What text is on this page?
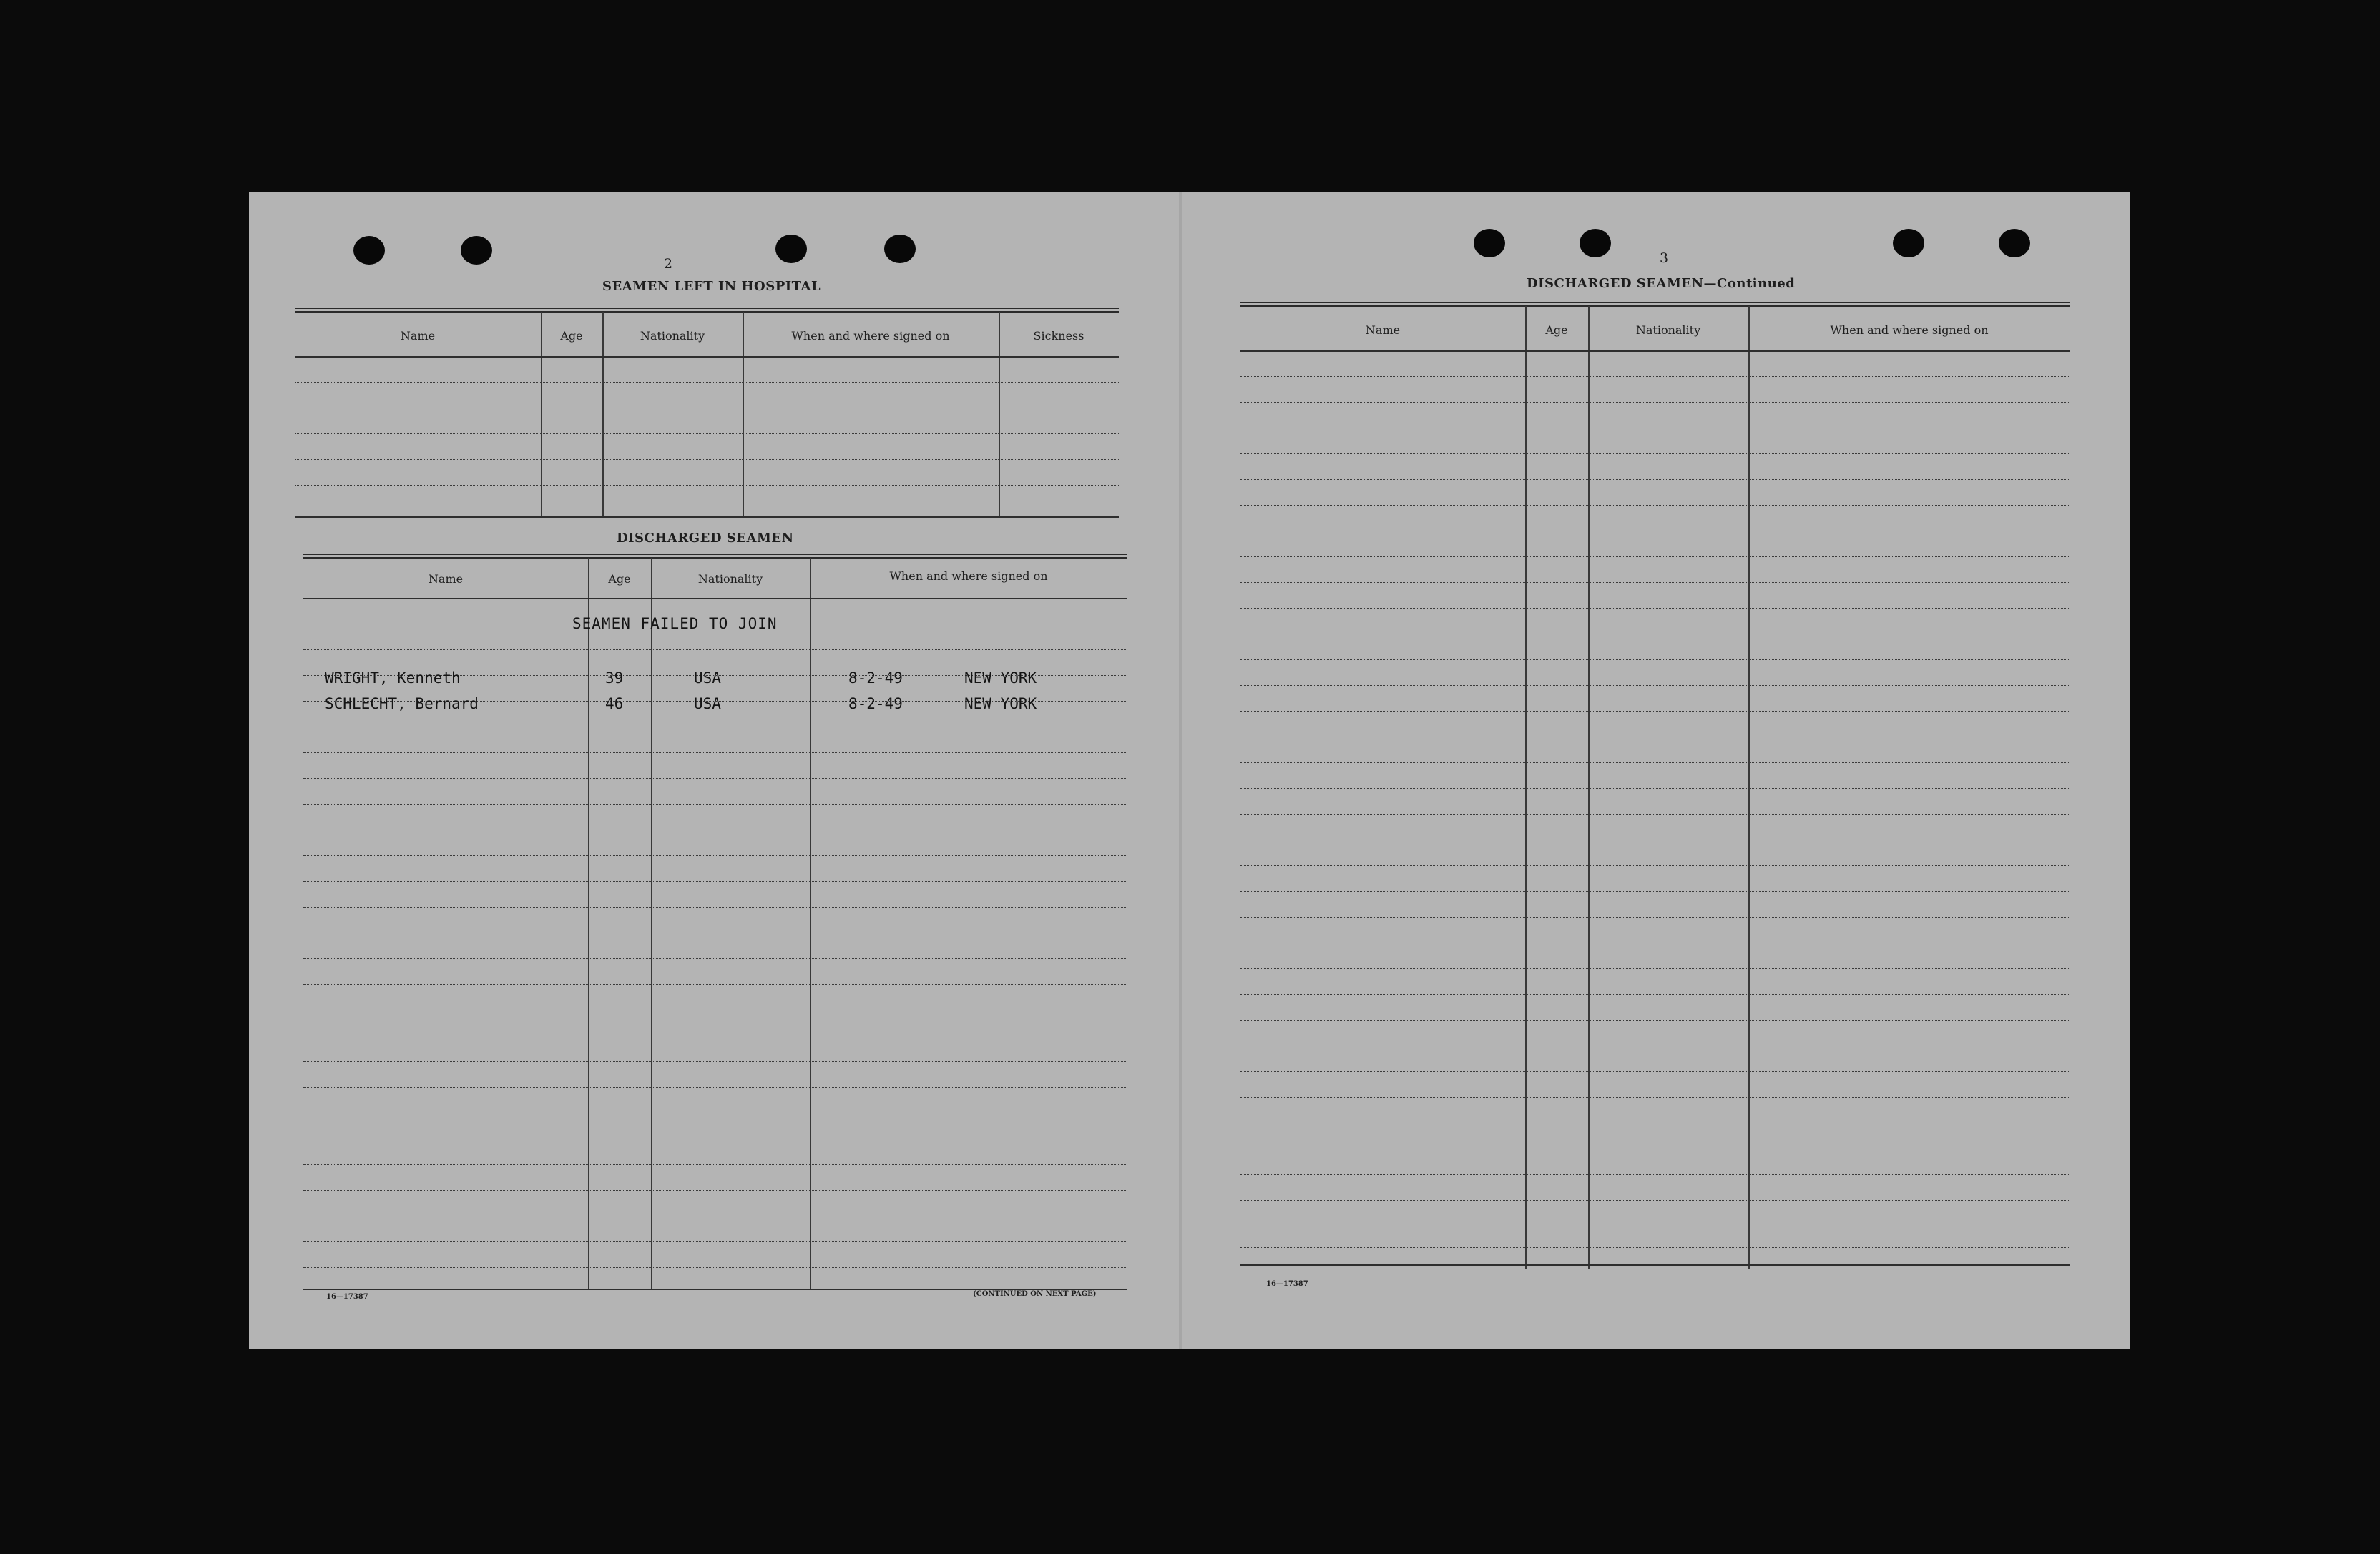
2
SEAMEN LEFT IN HOSPITAL
Name	Age	Nationality	When and where signed on	Sickness
DISCHARGED SEAMEN
Name	Age	Nationality	When and where signed on
SEAMEN FAILED TO JOIN
WRIGHT, Kenneth	39	USA	8-2-49	NEW YORK
SCHLECHT, Bernard	46	USA	8-2-49	NEW YORK
16—17387	(CONTINUED ON NEXT PAGE)
3
DISCHARGED SEAMEN—Continued
Name	Age	Nationality	When and where signed on
16—17387
